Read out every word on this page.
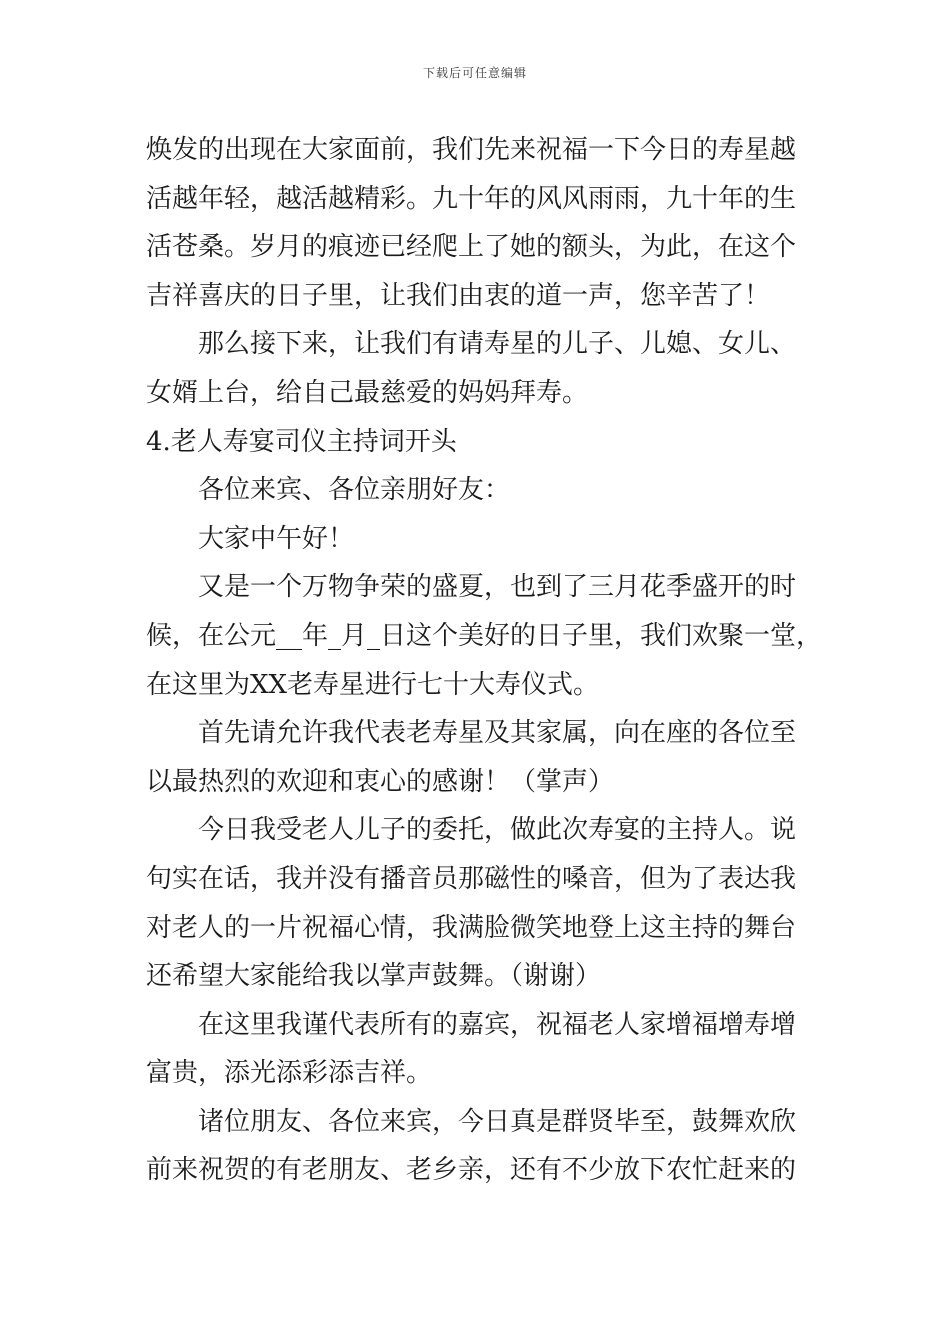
下载后可任意编辑
焕发的出现在大家面前，我们先来祝福一下今日的寿星越
活越年轻，越活越精彩。九十年的风风雨雨，九十年的生
活苍桑。岁月的痕迹已经爬上了她的额头，为此，在这个
吉祥喜庆的日子里，让我们由衷的道一声，您辛苦了！
那么接下来，让我们有请寿星的儿子、儿媳、女儿、
女婿上台，给自己最慈爱的妈妈拜寿。
4.老人寿宴司仪主持词开头
各位来宾、各位亲朋好友：
大家中午好！
又是一个万物争荣的盛夏，也到了三月花季盛开的时
候，在公元__年_月_日这个美好的日子里，我们欢聚一堂，
在这里为XX老寿星进行七十大寿仪式。
首先请允许我代表老寿星及其家属，向在座的各位至
以最热烈的欢迎和衷心的感谢！（掌声）
今日我受老人儿子的委托，做此次寿宴的主持人。说
句实在话，我并没有播音员那磁性的嗓音，但为了表达我
对老人的一片祝福心情，我满脸微笑地登上这主持的舞台
还希望大家能给我以掌声鼓舞。（谢谢）
在这里我谨代表所有的嘉宾，祝福老人家增福增寿增
富贵，添光添彩添吉祥。
诸位朋友、各位来宾，今日真是群贤毕至，鼓舞欢欣
前来祝贺的有老朋友、老乡亲，还有不少放下农忙赶来的
